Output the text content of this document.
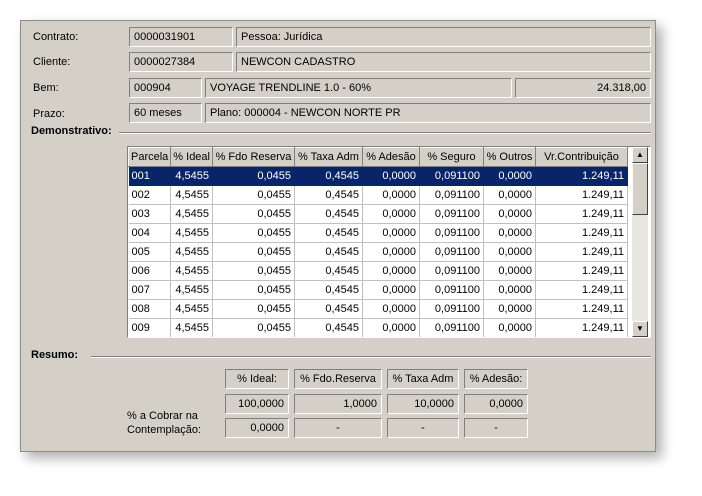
Contrato:	0000031901	Pessoa: Jurídica
Cliente:	0000027384	NEWCON CADASTRO
Bem:	000904	VOYAGE TRENDLINE 1.0 - 60%	24.318,00
Prazo:	60 meses	Plano: 000004 - NEWCON NORTE PR
Demonstrativo:
Parcela	% Ideal	% Fdo Reserva	% Taxa Adm	% Adesão	% Seguro	% Outros	Vr.Contribuição
001	4,5455	0,0455	0,4545	0,0000	0,091100	0,0000	1.249,11
002	4,5455	0,0455	0,4545	0,0000	0,091100	0,0000	1.249,11
003	4,5455	0,0455	0,4545	0,0000	0,091100	0,0000	1.249,11
004	4,5455	0,0455	0,4545	0,0000	0,091100	0,0000	1.249,11
005	4,5455	0,0455	0,4545	0,0000	0,091100	0,0000	1.249,11
006	4,5455	0,0455	0,4545	0,0000	0,091100	0,0000	1.249,11
007	4,5455	0,0455	0,4545	0,0000	0,091100	0,0000	1.249,11
008	4,5455	0,0455	0,4545	0,0000	0,091100	0,0000	1.249,11
009	4,5455	0,0455	0,4545	0,0000	0,091100	0,0000	1.249,11
▲
▼
Resumo:
% Ideal:	% Fdo.Reserva	% Taxa Adm	% Adesão:
100,0000	1,0000	10,0000	0,0000
% a Cobrar na
Contemplação:	0,0000	-	-	-
